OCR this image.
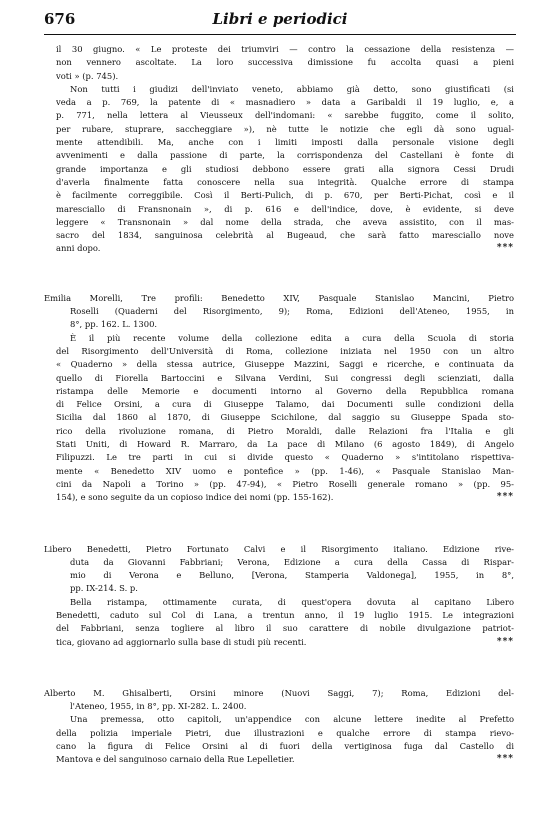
676	Libri e periodici
il 30 giugno. « Le proteste dei triumviri — contro la cessazione della resistenza —
non vennero ascoltate. La loro successiva dimissione fu accolta quasi a pieni
voti » (p. 745).
Non tutti i giudizi dell'inviato veneto, abbiamo già detto, sono giustificati (si
veda a p. 769, la patente di « masnadiero » data a Garibaldi il 19 luglio, e, a
p. 771, nella lettera al Vieusseux dell'indomani: « sarebbe fuggito, come il solito,
per rubare, stuprare, saccheggiare »), nè tutte le notizie che egli dà sono ugual-
mente attendibili. Ma, anche con i limiti imposti dalla personale visione degli
avvenimenti e dalla passione di parte, la corrispondenza del Castellani è fonte di
grande importanza e gli studiosi debbono essere grati alla signora Cessi Drudi
d'averla finalmente fatta conoscere nella sua integrità. Qualche errore di stampa
è facilmente correggibile. Così il Berti-Pulich, di p. 670, per Berti-Pichat, così e il
maresciallo di Fransnonain », di p. 616 e dell'indice, dove, è evidente, si deve
leggere « Transnonain » dal nome della strada, che aveva assistito, con il mas-
sacro del 1834, sanguinosa celebrità al Bugeaud, che sarà fatto maresciallo nove
***
anni dopo.
Emilia Morelli, Tre profili: Benedetto XIV, Pasquale Stanislao Mancini, Pietro
Roselli (Quaderni del Risorgimento, 9); Roma, Edizioni dell'Ateneo, 1955, in
8°, pp. 162. L. 1300.
È il più recente volume della collezione edita a cura della Scuola di storia
del Risorgimento dell'Università di Roma, collezione iniziata nel 1950 con un altro
« Quaderno » della stessa autrice, Giuseppe Mazzini, Saggi e ricerche, e continuata da
quello di Fiorella Bartoccini e Silvana Verdini, Sui congressi degli scienziati, dalla
ristampa delle Memorie e documenti intorno al Governo della Repubblica romana
di Felice Orsini, a cura di Giuseppe Talamo, dai Documenti sulle condizioni della
Sicilia dal 1860 al 1870, di Giuseppe Scichilone, dal saggio su Giuseppe Spada sto-
rico della rivoluzione romana, di Pietro Moraldi, dalle Relazioni fra l'Italia e gli
Stati Uniti, di Howard R. Marraro, da La pace di Milano (6 agosto 1849), di Angelo
Filipuzzi. Le tre parti in cui si divide questo « Quaderno » s'intitolano rispettiva-
mente « Benedetto XIV uomo e pontefice » (pp. 1-46), « Pasquale Stanislao Man-
cini da Napoli a Torino » (pp. 47-94), « Pietro Roselli generale romano » (pp. 95-
***
154), e sono seguite da un copioso indice dei nomi (pp. 155-162).
Libero Benedetti, Pietro Fortunato Calvi e il Risorgimento italiano. Edizione rive-
duta da Giovanni Fabbriani; Verona, Edizione a cura della Cassa di Rispar-
mio di Verona e Belluno, [Verona, Stamperia Valdonega], 1955, in 8°,
pp. IX-214. S. p.
Bella ristampa, ottimamente curata, di quest'opera dovuta al capitano Libero
Benedetti, caduto sul Col di Lana, a trentun anno, il 19 luglio 1915. Le integrazioni
del Fabbriani, senza togliere al libro il suo carattere di nobile divulgazione patriot-
***
tica, giovano ad aggiornarlo sulla base di studi più recenti.
Alberto M. Ghisalberti, Orsini minore (Nuovi Saggi, 7); Roma, Edizioni del-
l'Ateneo, 1955, in 8°, pp. XI-282. L. 2400.
Una premessa, otto capitoli, un'appendice con alcune lettere inedite al Prefetto
della polizia imperiale Pietri, due illustrazioni e qualche errore di stampa rievo-
cano la figura di Felice Orsini al di fuori della vertiginosa fuga dal Castello di
***
Mantova e del sanguinoso carnaio della Rue Lepelletier.
